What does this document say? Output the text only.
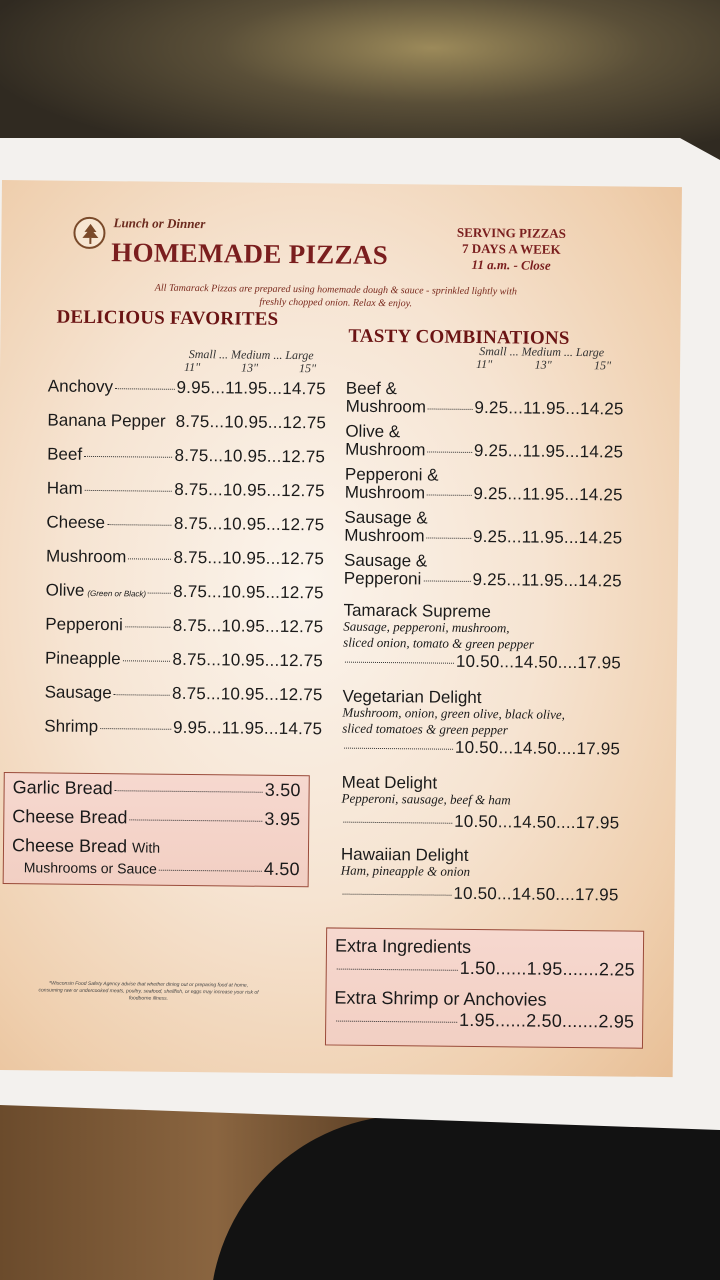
Lunch or Dinner
HOMEMADE PIZZAS
SERVING PIZZAS
7 DAYS A WEEK
11 a.m. - Close
All Tamarack Pizzas are prepared using homemade dough & sauce - sprinkled lightly with freshly chopped onion. Relax & enjoy.
DELICIOUS FAVORITES
Small ... Medium ... Large
11"	13"	15"
Anchovy	9.95...11.95...14.75
Banana Pepper 8.75...10.95...12.75
Beef	8.75...10.95...12.75
Ham	8.75...10.95...12.75
Cheese	8.75...10.95...12.75
Mushroom	8.75...10.95...12.75
Olive (Green or Black) 8.75...10.95...12.75
Pepperoni	8.75...10.95...12.75
Pineapple	8.75...10.95...12.75
Sausage	8.75...10.95...12.75
Shrimp	9.95...11.95...14.75
Garlic Bread	3.50
Cheese Bread	3.95
Cheese Bread With
Mushrooms or Sauce	4.50
*Wisconsin Food Safety Agency advise that whether dining out or preparing food at home, consuming raw or undercooked meats, poultry, seafood, shellfish, or eggs may increase your risk of foodborne illness.
TASTY COMBINATIONS
Small ... Medium ... Large
11"	13"	15"
Beef &
Mushroom	9.25...11.95...14.25
Olive &
Mushroom	9.25...11.95...14.25
Pepperoni &
Mushroom	9.25...11.95...14.25
Sausage &
Mushroom	9.25...11.95...14.25
Sausage &
Pepperoni	9.25...11.95...14.25
Tamarack Supreme
Sausage, pepperoni, mushroom,
sliced onion, tomato & green pepper
10.50...14.50....17.95
Vegetarian Delight
Mushroom, onion, green olive, black olive,
sliced tomatoes & green pepper
10.50...14.50....17.95
Meat Delight
Pepperoni, sausage, beef & ham
10.50...14.50....17.95
Hawaiian Delight
Ham, pineapple & onion
10.50...14.50....17.95
Extra Ingredients
1.50......1.95.......2.25
Extra Shrimp or Anchovies
1.95......2.50.......2.95
